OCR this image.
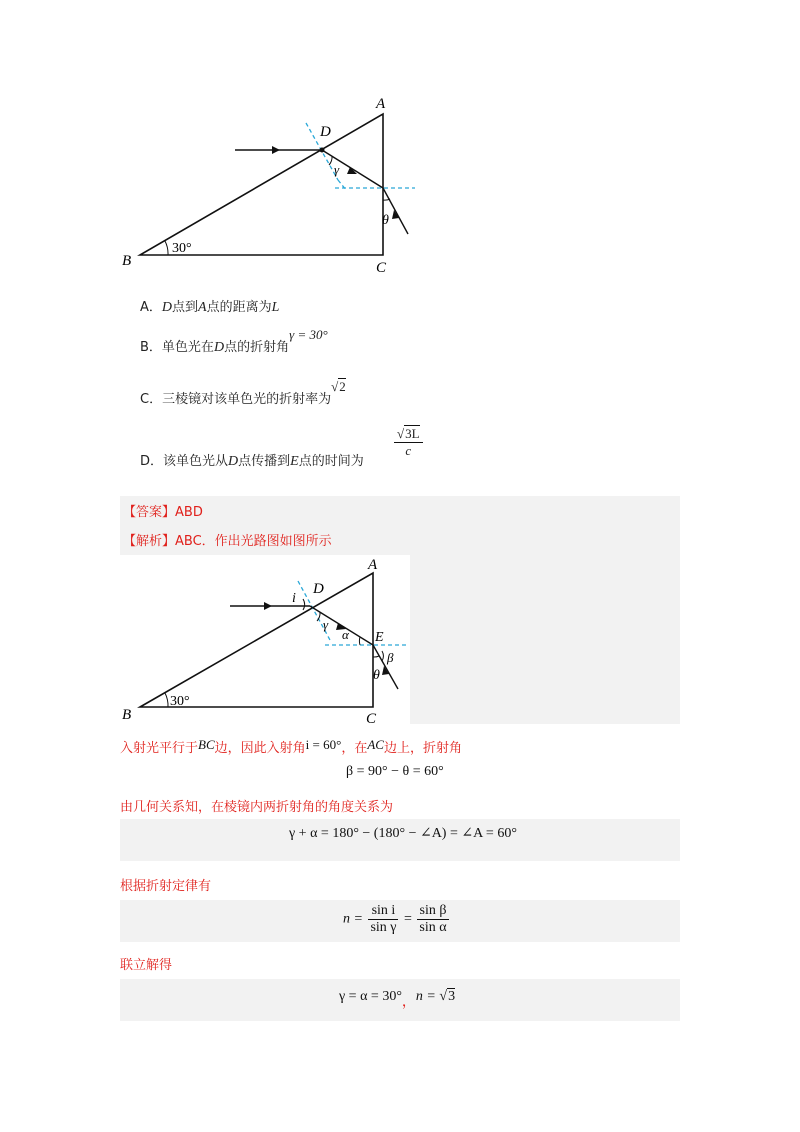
A
B	C
D
γ
θ
30°
A．D点到A点的距离为L
B．单色光在D点的折射角γ = 30°
C．三棱镜对该单色光的折射率为√2
D．该单色光从D点传播到E点的时间为
√3L
c
【答案】ABD
【解析】ABC．作出光路图如图所示
A
B	C
D
E
i
γ
α
β
θ
30°
入射光平行于BC边，因此入射角i = 60°，在AC边上，折射角
β = 90° − θ = 60°
由几何关系知，在棱镜内两折射角的角度关系为
γ + α = 180° − (180° − ∠A) = ∠A = 60°
根据折射定律有
$n = \frac{\text{sin i}}{\text{sin γ}} = \frac{\text{sin β}}{\text{sin α}}$
联立解得
γ = α = 30°，n = √3
